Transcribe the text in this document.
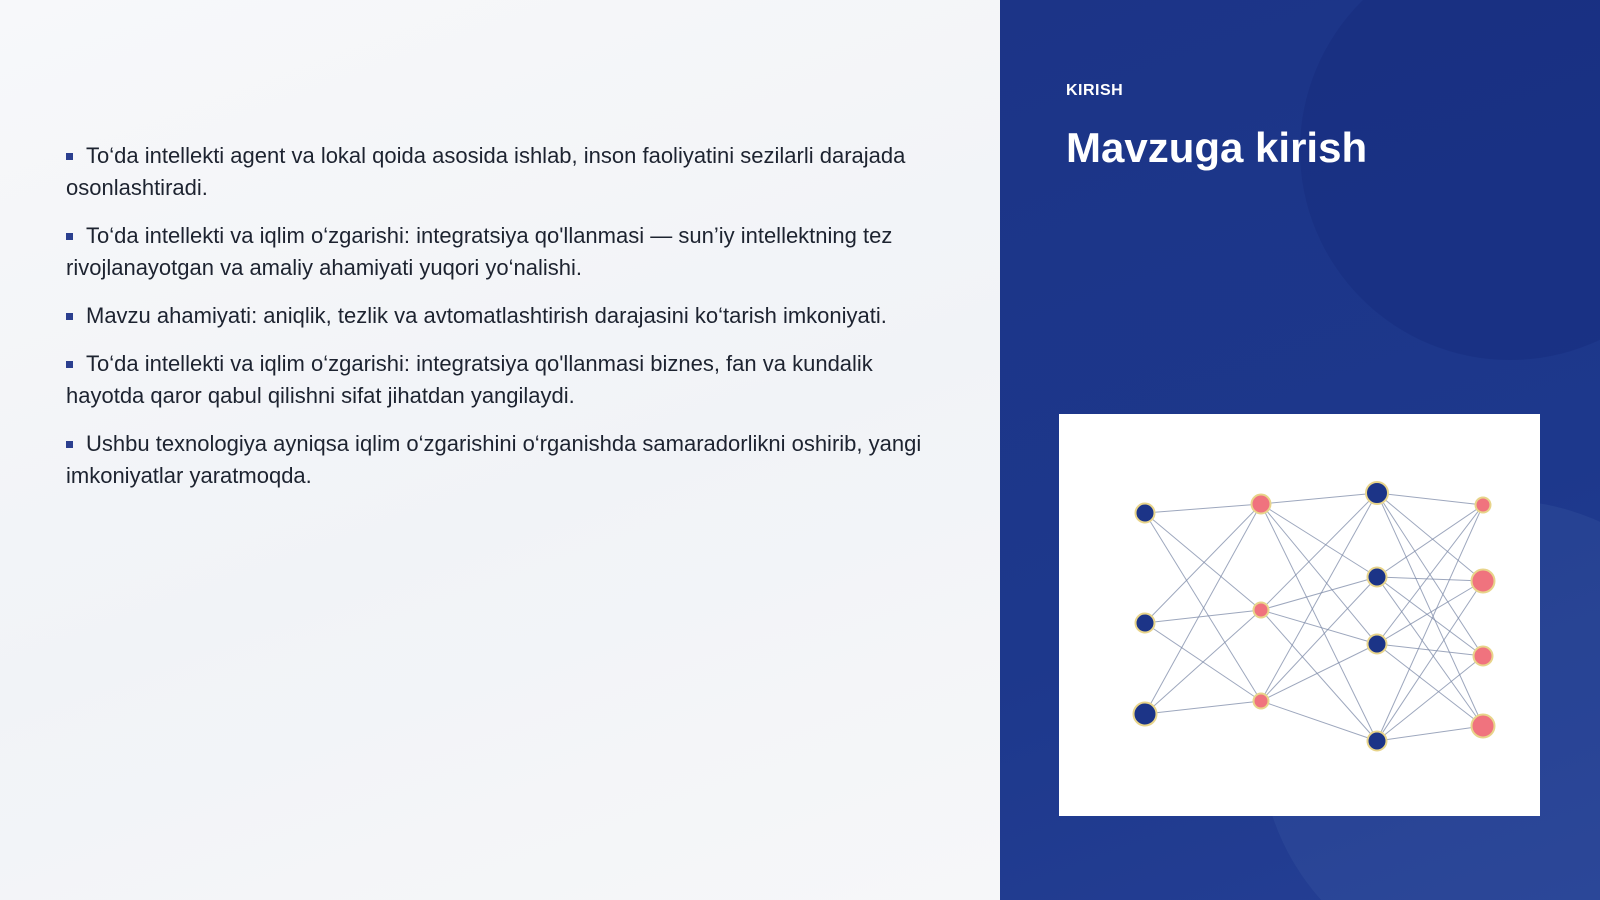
To‘da intellekti agent va lokal qoida asosida ishlab, inson faoliyatini sezilarli darajada osonlashtiradi.
To‘da intellekti va iqlim o‘zgarishi: integratsiya qo'llanmasi — sun’iy intellektning tez rivojlanayotgan va amaliy ahamiyati yuqori yo‘nalishi.
Mavzu ahamiyati: aniqlik, tezlik va avtomatlashtirish darajasini ko‘tarish imkoniyati.
To‘da intellekti va iqlim o‘zgarishi: integratsiya qo'llanmasi biznes, fan va kundalik hayotda qaror qabul qilishni sifat jihatdan yangilaydi.
Ushbu texnologiya ayniqsa iqlim o‘zgarishini o‘rganishda samaradorlikni oshirib, yangi imkoniyatlar yaratmoqda.
KIRISH
Mavzuga kirish
